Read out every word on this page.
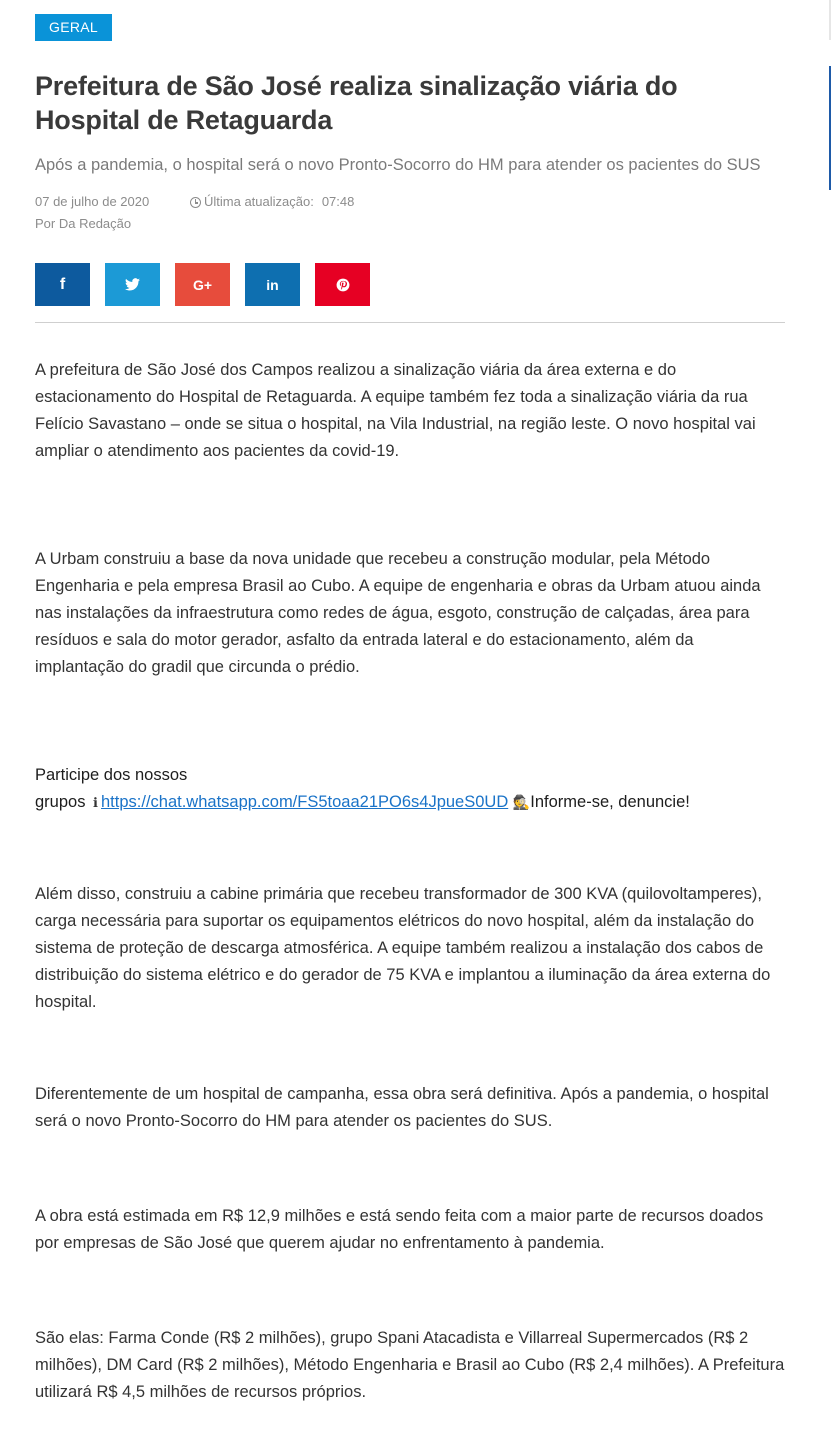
GERAL
Prefeitura de São José realiza sinalização viária do Hospital de Retaguarda

Após a pandemia, o hospital será o novo Pronto-Socorro do HM para atender os pacientes do SUS

07 de julho de 2020	Última atualização: 07:48
Por Da Redação
f	G+	in

A prefeitura de São José dos Campos realizou a sinalização viária da área externa e do estacionamento do Hospital de Retaguarda. A equipe também fez toda a sinalização viária da rua Felício Savastano – onde se situa o hospital, na Vila Industrial, na região leste. O novo hospital vai ampliar o atendimento aos pacientes da covid-19.

A Urbam construiu a base da nova unidade que recebeu a construção modular, pela Método Engenharia e pela empresa Brasil ao Cubo. A equipe de engenharia e obras da Urbam atuou ainda nas instalações da infraestrutura como redes de água, esgoto, construção de calçadas, área para resíduos e sala do motor gerador, asfalto da entrada lateral e do estacionamento, além da implantação do gradil que circunda o prédio.

Participe dos nossos
grupos ℹ https://chat.whatsapp.com/FS5toaa21PO6s4JpueS0UD 🕵Informe-se, denuncie!

Além disso, construiu a cabine primária que recebeu transformador de 300 KVA (quilovoltamperes), carga necessária para suportar os equipamentos elétricos do novo hospital, além da instalação do sistema de proteção de descarga atmosférica. A equipe também realizou a instalação dos cabos de distribuição do sistema elétrico e do gerador de 75 KVA e implantou a iluminação da área externa do hospital.

Diferentemente de um hospital de campanha, essa obra será definitiva. Após a pandemia, o hospital será o novo Pronto-Socorro do HM para atender os pacientes do SUS.

A obra está estimada em R$ 12,9 milhões e está sendo feita com a maior parte de recursos doados por empresas de São José que querem ajudar no enfrentamento à pandemia.

São elas: Farma Conde (R$ 2 milhões), grupo Spani Atacadista e Villarreal Supermercados (R$ 2 milhões), DM Card (R$ 2 milhões), Método Engenharia e Brasil ao Cubo (R$ 2,4 milhões). A Prefeitura utilizará R$ 4,5 milhões de recursos próprios.
